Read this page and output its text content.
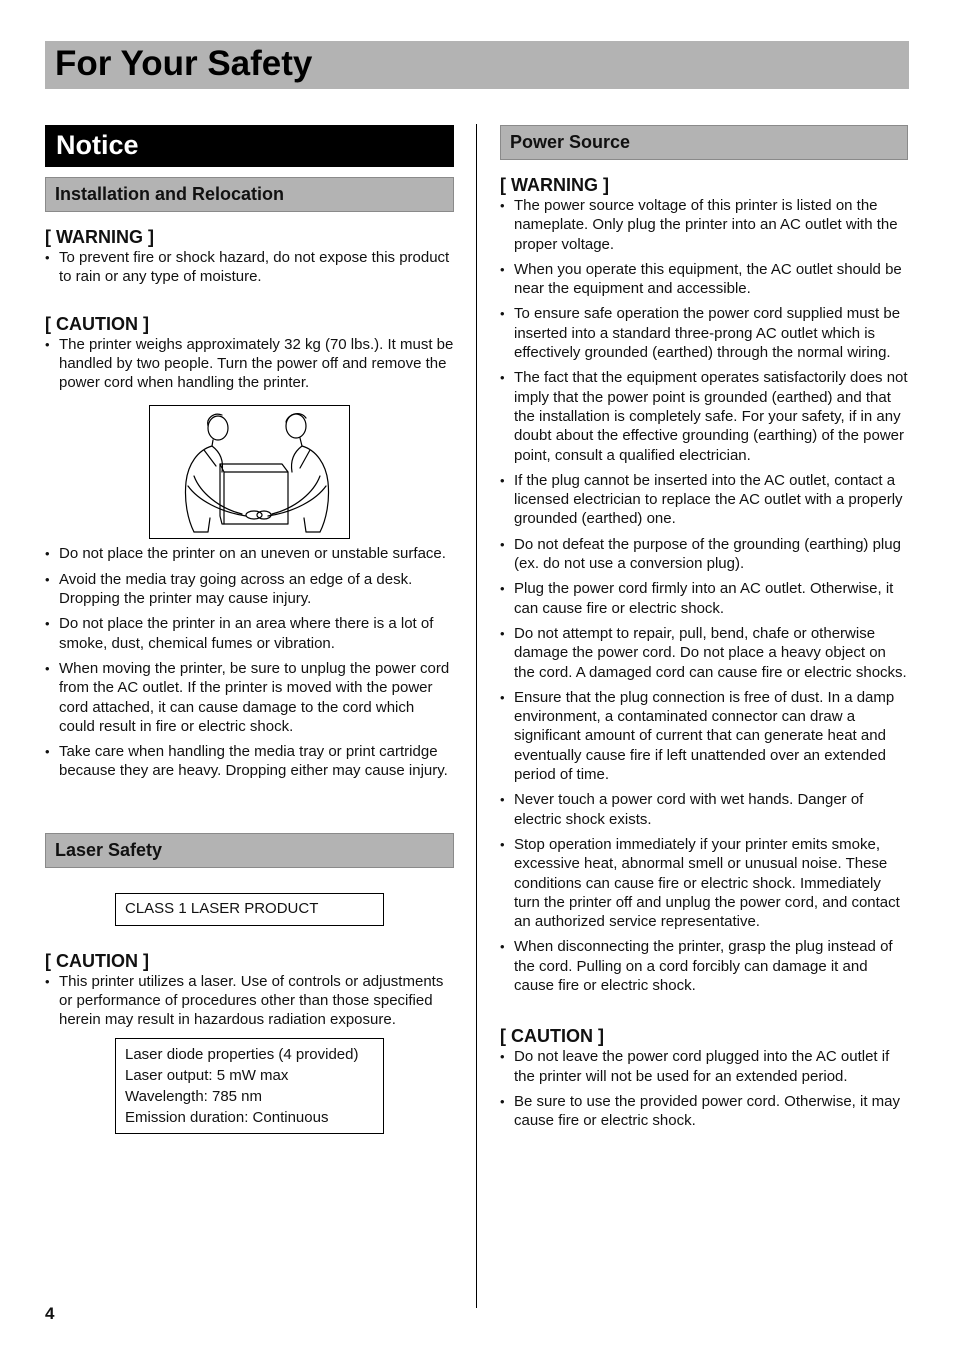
For Your Safety
Notice
Installation and Relocation

[ WARNING ]

• To prevent fire or shock hazard, do not expose this product to rain or any type of moisture.

[ CAUTION ]

• The printer weighs approximately 32 kg (70 lbs.). It must be handled by two people. Turn the power off and remove the power cord when handling the printer.
• Do not place the printer on an uneven or unstable surface.
• Avoid the media tray going across an edge of a desk. Dropping the printer may cause injury.
• Do not place the printer in an area where there is a lot of smoke, dust, chemical fumes or vibration.
• When moving the printer, be sure to unplug the power cord from the AC outlet. If the printer is moved with the power cord attached, it can cause damage to the cord which could result in fire or electric shock.
• Take care when handling the media tray or print cartridge because they are heavy. Dropping either may cause injury.
Laser Safety
CLASS 1 LASER PRODUCT

[ CAUTION ]

• This printer utilizes a laser. Use of controls or adjustments or performance of procedures other than those specified herein may result in hazardous radiation exposure.
Laser diode properties (4 provided)
Laser output: 5 mW max
Wavelength: 785 nm
Emission duration: Continuous
Power Source

[ WARNING ]

• The power source voltage of this printer is listed on the nameplate. Only plug the printer into an AC outlet with the proper voltage.
• When you operate this equipment, the AC outlet should be near the equipment and accessible.
• To ensure safe operation the power cord supplied must be inserted into a standard three-prong AC outlet which is effectively grounded (earthed) through the normal wiring.
• The fact that the equipment operates satisfactorily does not imply that the power point is grounded (earthed) and that the installation is completely safe. For your safety, if in any doubt about the effective grounding (earthing) of the power point, consult a qualified electrician.
• If the plug cannot be inserted into the AC outlet, contact a licensed electrician to replace the AC outlet with a properly grounded (earthed) one.
• Do not defeat the purpose of the grounding (earthing) plug (ex. do not use a conversion plug).
• Plug the power cord firmly into an AC outlet. Otherwise, it can cause fire or electric shock.
• Do not attempt to repair, pull, bend, chafe or otherwise damage the power cord. Do not place a heavy object on the cord. A damaged cord can cause fire or electric shocks.
• Ensure that the plug connection is free of dust. In a damp environment, a contaminated connector can draw a significant amount of current that can generate heat and eventually cause fire if left unattended over an extended period of time.
• Never touch a power cord with wet hands. Danger of electric shock exists.
• Stop operation immediately if your printer emits smoke, excessive heat, abnormal smell or unusual noise. These conditions can cause fire or electric shock. Immediately turn the printer off and unplug the power cord, and contact an authorized service representative.
• When disconnecting the printer, grasp the plug instead of the cord. Pulling on a cord forcibly can damage it and cause fire or electric shock.

[ CAUTION ]

• Do not leave the power cord plugged into the AC outlet if the printer will not be used for an extended period.
• Be sure to use the provided power cord. Otherwise, it may cause fire or electric shock.
4
